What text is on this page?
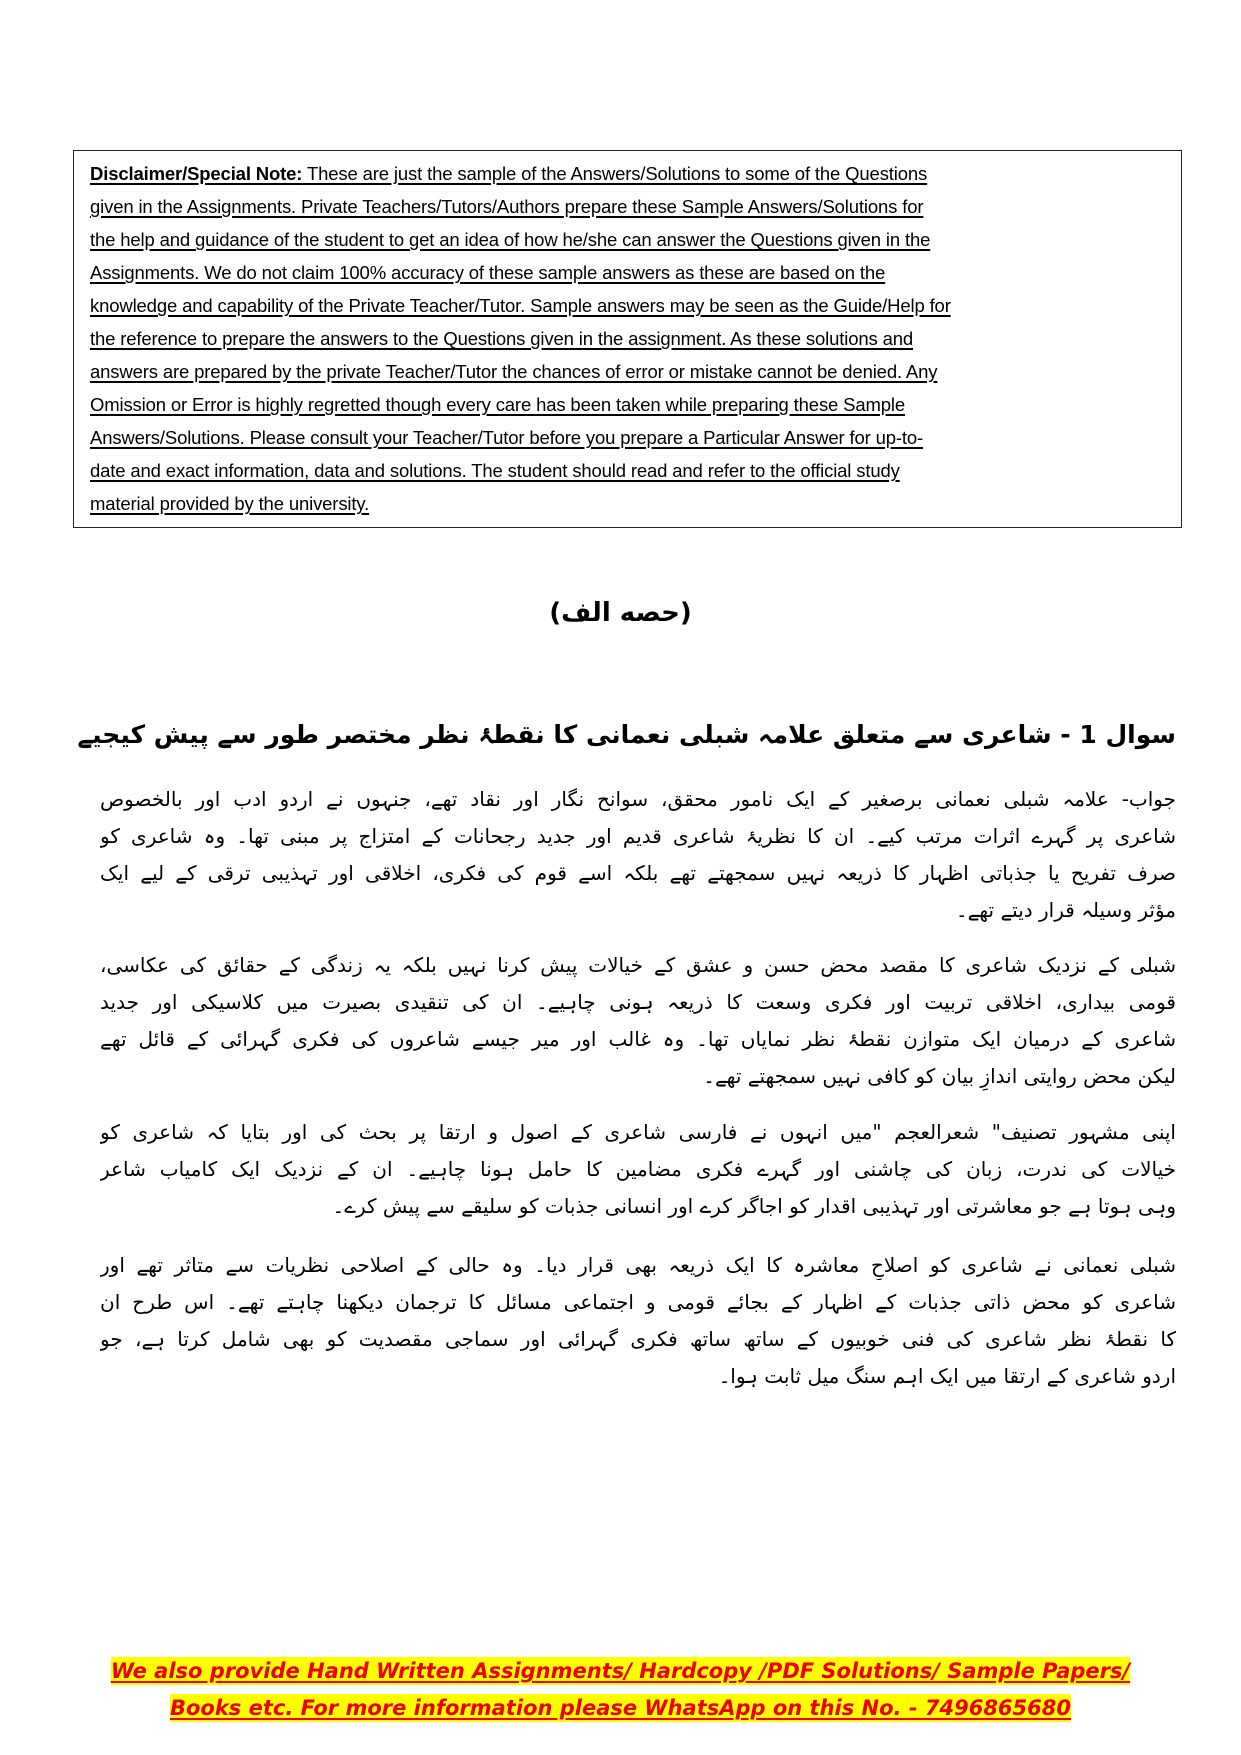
Disclaimer/Special Note: These are just the sample of the Answers/Solutions to some of the Questions
given in the Assignments. Private Teachers/Tutors/Authors prepare these Sample Answers/Solutions for
the help and guidance of the student to get an idea of how he/she can answer the Questions given in the
Assignments. We do not claim 100% accuracy of these sample answers as these are based on the
knowledge and capability of the Private Teacher/Tutor. Sample answers may be seen as the Guide/Help for
the reference to prepare the answers to the Questions given in the assignment. As these solutions and
answers are prepared by the private Teacher/Tutor the chances of error or mistake cannot be denied. Any
Omission or Error is highly regretted though every care has been taken while preparing these Sample
Answers/Solutions. Please consult your Teacher/Tutor before you prepare a Particular Answer for up-to-
date and exact information, data and solutions. The student should read and refer to the official study
material provided by the university.
(حصه الف)
سوال 1 - شاعری سے متعلق علامہ شبلی نعمانی کا نقطۂ نظر مختصر طور سے پیش کیجیے
جواب- علامہ شبلی نعمانی برصغیر کے ایک نامور محقق، سوانح نگار اور نقاد تھے، جنہوں نے اردو ادب اور بالخصوص
شاعری پر گہرے اثرات مرتب کیے۔ ان کا نظریۂ شاعری قدیم اور جدید رجحانات کے امتزاج پر مبنی تھا۔ وہ شاعری کو
صرف تفریح یا جذباتی اظہار کا ذریعہ نہیں سمجھتے تھے بلکہ اسے قوم کی فکری، اخلاقی اور تہذیبی ترقی کے لیے ایک
مؤثر وسیلہ قرار دیتے تھے۔
شبلی کے نزدیک شاعری کا مقصد محض حسن و عشق کے خیالات پیش کرنا نہیں بلکہ یہ زندگی کے حقائق کی عکاسی،
قومی بیداری، اخلاقی تربیت اور فکری وسعت کا ذریعہ ہونی چاہیے۔ ان کی تنقیدی بصیرت میں کلاسیکی اور جدید
شاعری کے درمیان ایک متوازن نقطۂ نظر نمایاں تھا۔ وہ غالب اور میر جیسے شاعروں کی فکری گہرائی کے قائل تھے
لیکن محض روایتی اندازِ بیان کو کافی نہیں سمجھتے تھے۔
اپنی مشہور تصنیف" شعرالعجم "میں انہوں نے فارسی شاعری کے اصول و ارتقا پر بحث کی اور بتایا کہ شاعری کو
خیالات کی ندرت، زبان کی چاشنی اور گہرے فکری مضامین کا حامل ہونا چاہیے۔ ان کے نزدیک ایک کامیاب شاعر
وہی ہوتا ہے جو معاشرتی اور تہذیبی اقدار کو اجاگر کرے اور انسانی جذبات کو سلیقے سے پیش کرے۔
شبلی نعمانی نے شاعری کو اصلاحِ معاشرہ کا ایک ذریعہ بھی قرار دیا۔ وہ حالی کے اصلاحی نظریات سے متاثر تھے اور
شاعری کو محض ذاتی جذبات کے اظہار کے بجائے قومی و اجتماعی مسائل کا ترجمان دیکھنا چاہتے تھے۔ اس طرح ان
کا نقطۂ نظر شاعری کی فنی خوبیوں کے ساتھ ساتھ فکری گہرائی اور سماجی مقصدیت کو بھی شامل کرتا ہے، جو
اردو شاعری کے ارتقا میں ایک اہم سنگ میل ثابت ہوا۔
We also provide Hand Written Assignments/ Hardcopy /PDF Solutions/ Sample Papers/
Books etc. For more information please WhatsApp on this No. - 7496865680
